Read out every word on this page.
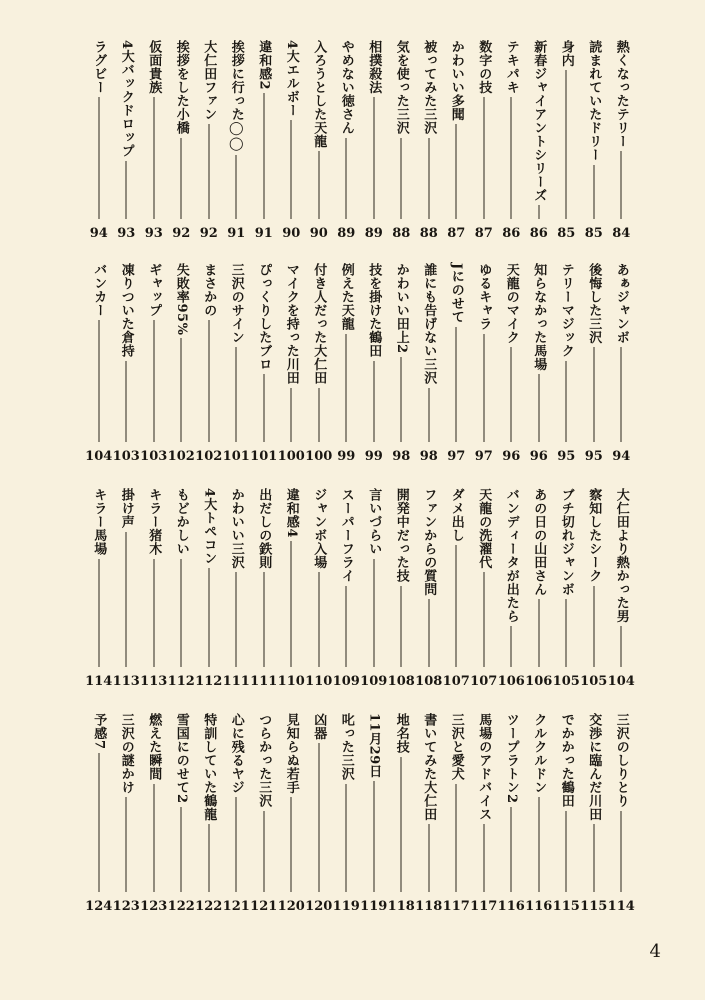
熱くなったテリー
84
読まれていたドリー
85
身内
85
新春ジャイアントシリーズ
86
テキパキ
86
数字の技
87
かわいい多聞
87
被ってみた三沢
88
気を使った三沢
88
相撲殺法
89
やめない徳さん
89
入ろうとした天龍
90
4大エルボー
90
違和感2
91
挨拶に行った◯◯
91
大仁田ファン
92
挨拶をした小橋
92
仮面貴族
93
4大バックドロップ
93
ラグビー
94
あぁジャンボ
94
後悔した三沢
95
テリーマジック
95
知らなかった馬場
96
天龍のマイク
96
ゆるキャラ
97
Jにのせて
97
誰にも告げない三沢
98
かわいい田上2
98
技を掛けた鶴田
99
例えた天龍
99
付き人だった大仁田
100
マイクを持った川田
100
ぴっくりしたブロ
101
三沢のサイン
101
まさかの
102
失敗率95%
102
ギャップ
103
凍りついた倉持
103
バンカー
104
大仁田より熱かった男
104
察知したシーク
105
ブチ切れジャンボ
105
あの日の山田さん
106
バンディータが出たら
106
天龍の洗濯代
107
ダメ出し
107
ファンからの質問
108
開発中だった技
108
言いづらい
109
スーパーフライ
109
ジャンボ入場
110
違和感4
110
出だしの鉄則
111
かわいい三沢
111
4大トペコン
112
もどかしい
112
キラー猪木
113
掛け声
113
キラー馬場
114
三沢のしりとり
114
交渉に臨んだ川田
115
でかかった鶴田
115
クルクルドン
116
ツープラトン2
116
馬場のアドバイス
117
三沢と愛犬
117
書いてみた大仁田
118
地名技
118
11月29日
119
叱った三沢
119
凶器
120
見知らぬ若手
120
つらかった三沢
121
心に残るヤジ
121
特訓していた鶴龍
122
雪国にのせて2
122
燃えた瞬間
123
三沢の謎かけ
123
予感7
124
4
